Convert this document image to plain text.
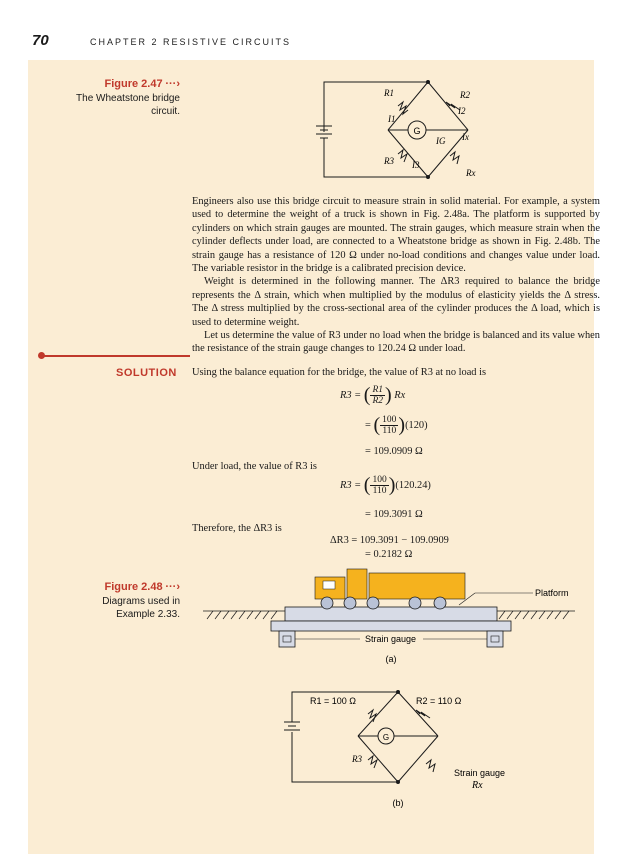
70	CHAPTER 2 RESISTIVE CIRCUITS
Figure 2.47 ···›
The Wheatstone bridge
circuit.
G
R1	R2
I2
I1
IG Ix
R3 I3
Rx

Engineers also use this bridge circuit to measure strain in solid material. For example, a system used to determine the weight of a truck is shown in Fig. 2.48a. The platform is supported by cylinders on which strain gauges are mounted. The strain gauges, which measure strain when the cylinder deflects under load, are connected to a Wheatstone bridge as shown in Fig. 2.48b. The strain gauge has a resistance of 120 Ω under no-load conditions and changes value under load. The variable resistor in the bridge is a calibrated precision device.

Weight is determined in the following manner. The ΔR3 required to balance the bridge represents the Δ strain, which when multiplied by the modulus of elasticity yields the Δ stress. The Δ stress multiplied by the cross-sectional area of the cylinder produces the Δ load, which is used to determine weight.

Let us determine the value of R3 under no load when the bridge is balanced and its value when the resistance of the strain gauge changes to 120.24 Ω under load.

SOLUTION Using the balance equation for the bridge, the value of R3 at no load is
R3 = ( $\frac{R1}{R2}$ ) Rx
= ( $\frac{100}{110} )(120)$
= 109.0909 Ω
Under load, the value of R3 is
R3 = ( $\frac{100}{110} )(120.24)$
= 109.3091 Ω
Therefore, the ΔR3 is
ΔR3 = 109.3091 − 109.0909
= 0.2182 Ω
Figure 2.48 ···›
Diagrams used in
Example 2.33.
Platform
Strain gauge
(a)
G
R1 = 100 Ω	R2 = 110 Ω
R3
Strain gauge
Rx
(b)
